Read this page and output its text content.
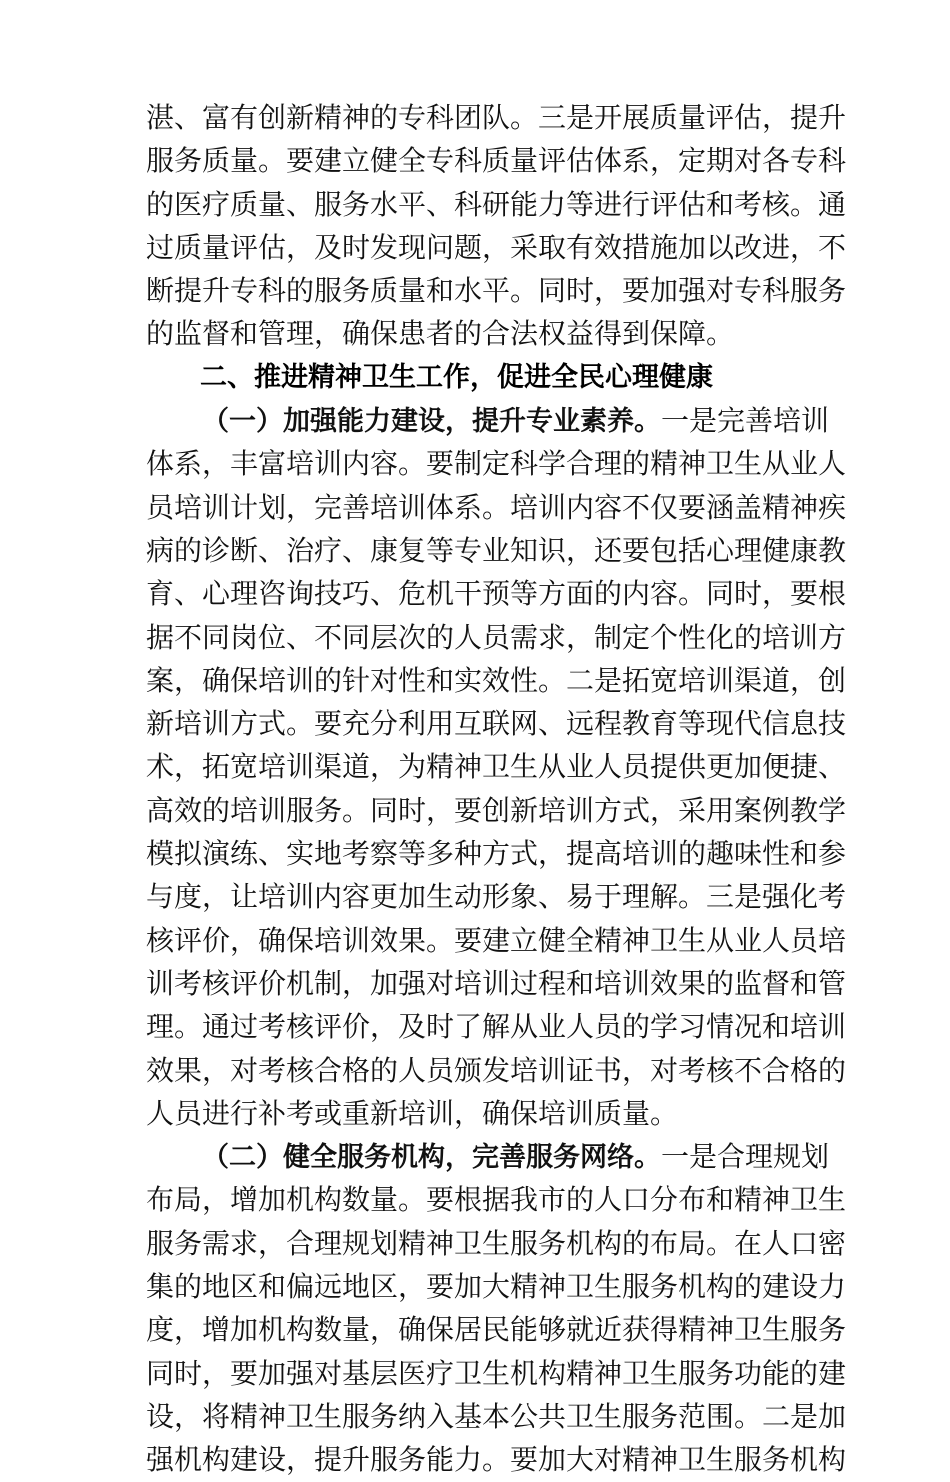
湛、富有创新精神的专科团队。三是开展质量评估，提升
服务质量。要建立健全专科质量评估体系，定期对各专科
的医疗质量、服务水平、科研能力等进行评估和考核。通
过质量评估，及时发现问题，采取有效措施加以改进，不
断提升专科的服务质量和水平。同时，要加强对专科服务
的监督和管理，确保患者的合法权益得到保障。
二、推进精神卫生工作，促进全民心理健康
（一）加强能力建设，提升专业素养。一是完善培训
体系，丰富培训内容。要制定科学合理的精神卫生从业人
员培训计划，完善培训体系。培训内容不仅要涵盖精神疾
病的诊断、治疗、康复等专业知识，还要包括心理健康教
育、心理咨询技巧、危机干预等方面的内容。同时，要根
据不同岗位、不同层次的人员需求，制定个性化的培训方
案，确保培训的针对性和实效性。二是拓宽培训渠道，创
新培训方式。要充分利用互联网、远程教育等现代信息技
术，拓宽培训渠道，为精神卫生从业人员提供更加便捷、
高效的培训服务。同时，要创新培训方式，采用案例教学
模拟演练、实地考察等多种方式，提高培训的趣味性和参
与度，让培训内容更加生动形象、易于理解。三是强化考
核评价，确保培训效果。要建立健全精神卫生从业人员培
训考核评价机制，加强对培训过程和培训效果的监督和管
理。通过考核评价，及时了解从业人员的学习情况和培训
效果，对考核合格的人员颁发培训证书，对考核不合格的
人员进行补考或重新培训，确保培训质量。
（二）健全服务机构，完善服务网络。一是合理规划
布局，增加机构数量。要根据我市的人口分布和精神卫生
服务需求，合理规划精神卫生服务机构的布局。在人口密
集的地区和偏远地区，要加大精神卫生服务机构的建设力
度，增加机构数量，确保居民能够就近获得精神卫生服务
同时，要加强对基层医疗卫生机构精神卫生服务功能的建
设，将精神卫生服务纳入基本公共卫生服务范围。二是加
强机构建设，提升服务能力。要加大对精神卫生服务机构
